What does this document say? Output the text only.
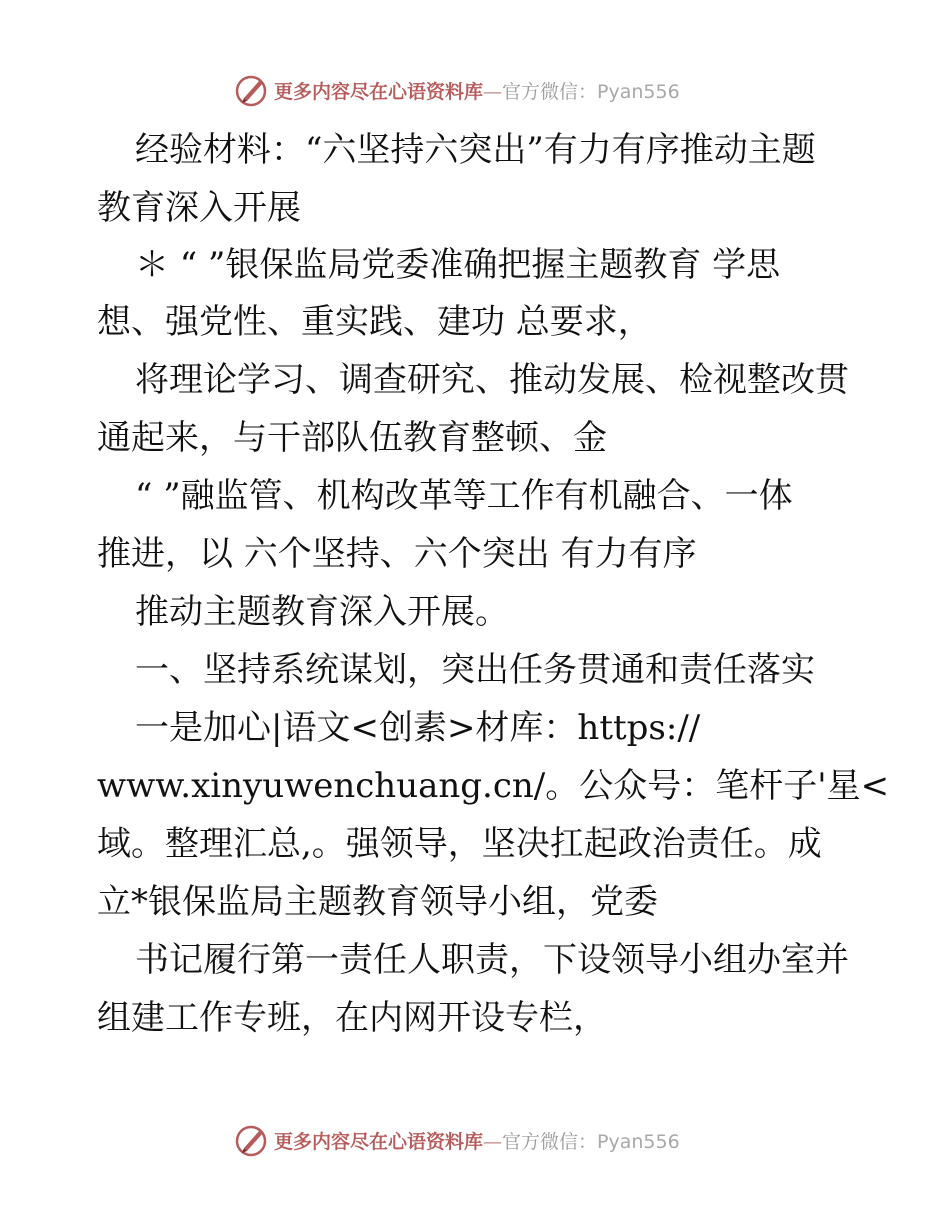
更多内容尽在心语资料库—官方微信：Pyan556
经验材料：“六坚持六突出”有力有序推动主题
教育深入开展
＊ “ ”银保监局党委准确把握主题教育 学思
想、强党性、重实践、建功 总要求，
将理论学习、调查研究、推动发展、检视整改贯
通起来，与干部队伍教育整顿、金
“ ”融监管、机构改革等工作有机融合、一体
推进，以 六个坚持、六个突出 有力有序
推动主题教育深入开展。
一、坚持系统谋划，突出任务贯通和责任落实
一是加心|语文<创素>材库：https://
www.xinyuwenchuang.cn/。公众号：笔杆子'星<
域。整理汇总,。强领导，坚决扛起政治责任。成
立*银保监局主题教育领导小组，党委
书记履行第一责任人职责，下设领导小组办室并
组建工作专班，在内网开设专栏，
更多内容尽在心语资料库—官方微信：Pyan556
